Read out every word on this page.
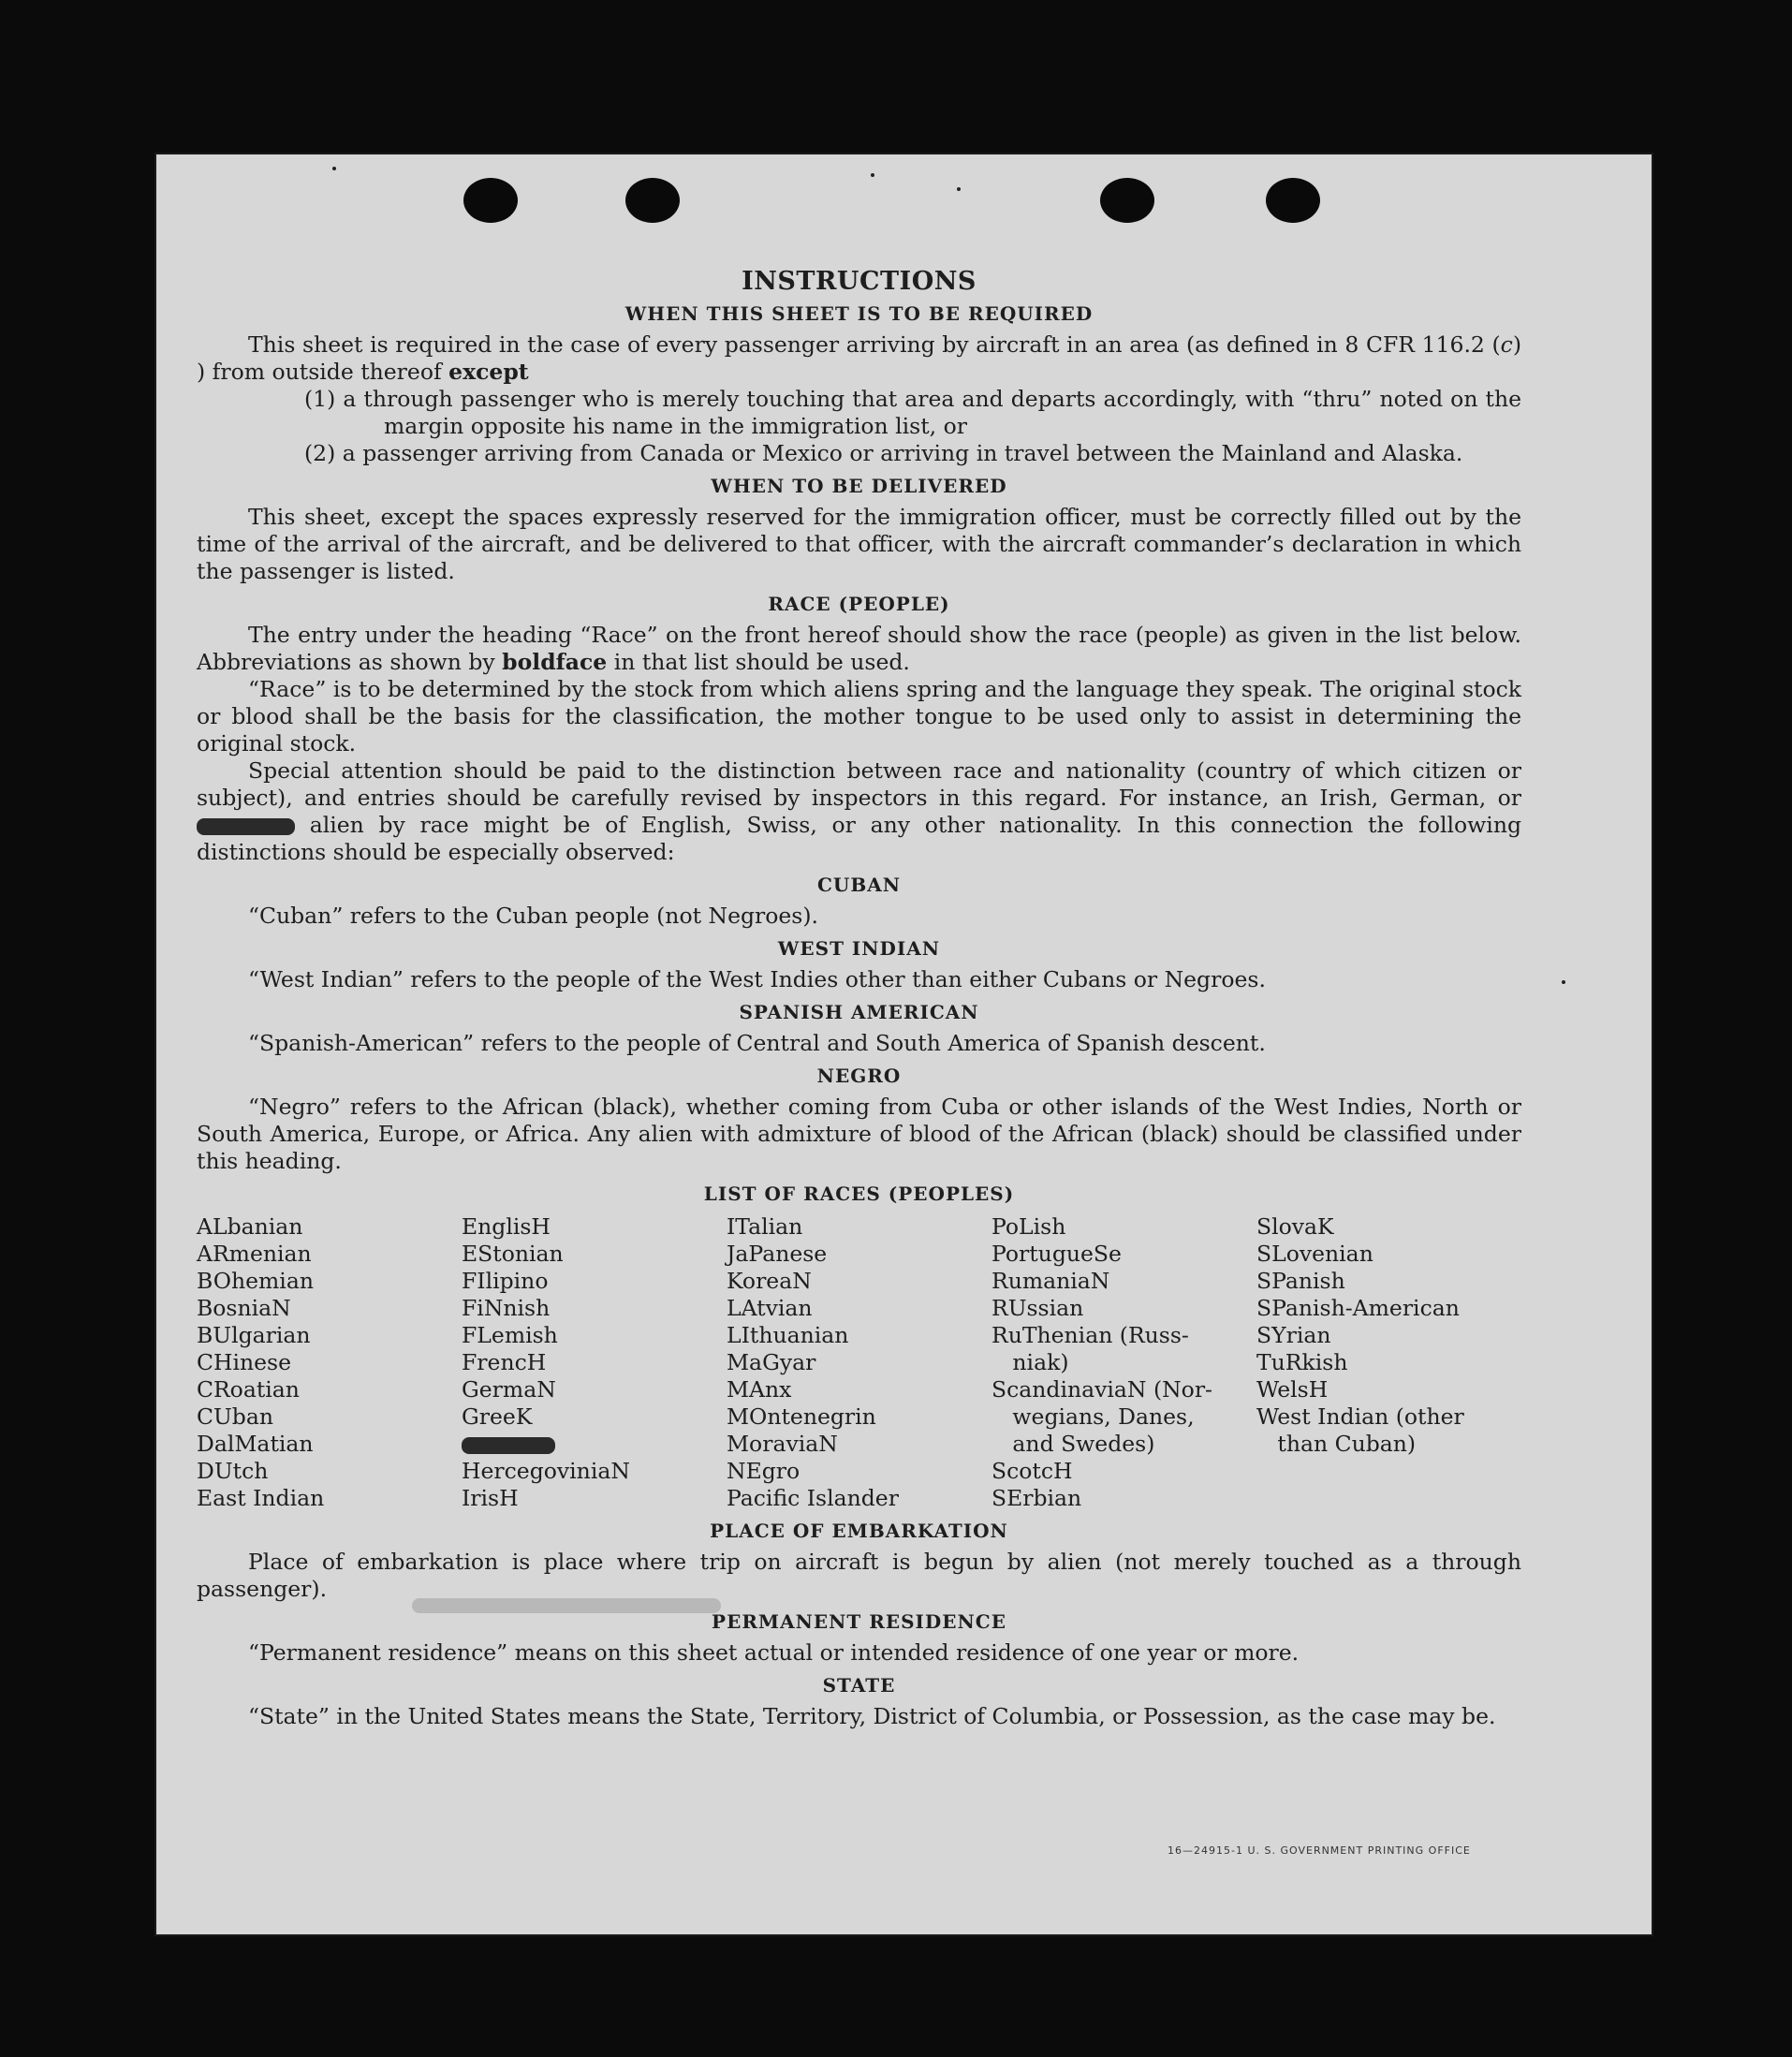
INSTRUCTIONS
WHEN THIS SHEET IS TO BE REQUIRED

This sheet is required in the case of every passenger arriving by aircraft in an area (as defined in 8 CFR 116.2 (c) ) from outside thereof except

(1) a through passenger who is merely touching that area and departs accordingly, with “thru” noted on the margin opposite his name in the immigration list, or

(2) a passenger arriving from Canada or Mexico or arriving in travel between the Mainland and Alaska.

WHEN TO BE DELIVERED

This sheet, except the spaces expressly reserved for the immigration officer, must be correctly filled out by the time of the arrival of the aircraft, and be delivered to that officer, with the aircraft commander’s declaration in which the passenger is listed.

RACE (PEOPLE)

The entry under the heading “Race” on the front hereof should show the race (people) as given in the list below. Abbreviations as shown by boldface in that list should be used.

“Race” is to be determined by the stock from which aliens spring and the language they speak. The original stock or blood shall be the basis for the classification, the mother tongue to be used only to assist in determining the original stock.

Special attention should be paid to the distinction between race and nationality (country of which citizen or subject), and entries should be carefully revised by inspectors in this regard. For instance, an Irish, German, or  alien by race might be of English, Swiss, or any other nationality. In this connection the following distinctions should be especially observed:

CUBAN

“Cuban” refers to the Cuban people (not Negroes).

WEST INDIAN

“West Indian” refers to the people of the West Indies other than either Cubans or Negroes.

SPANISH AMERICAN

“Spanish-American” refers to the people of Central and South America of Spanish descent.

NEGRO

“Negro” refers to the African (black), whether coming from Cuba or other islands of the West Indies, North or South America, Europe, or Africa. Any alien with admixture of blood of the African (black) should be classified under this heading.

LIST OF RACES (PEOPLES)
ALbanian
ARmenian
BOhemian
BosniaN
BUlgarian
CHinese
CRoatian
CUban
DalMatian
DUtch
East Indian
EnglisH
EStonian
FIlipino
FiNnish
FLemish
FrencH
GermaN
GreeK
HercegoviniaN
IrisH
ITalian
JaPanese
KoreaN
LAtvian
LIthuanian
MaGyar
MAnx
MOntenegrin
MoraviaN
NEgro
Pacific Islander
PoLish
PortugueSe
RumaniaN
RUssian
RuThenian (Russ-
niak)
ScandinaviaN (Nor-
wegians, Danes,
and Swedes)
ScotcH
SErbian
SlovaK
SLovenian
SPanish
SPanish-American
SYrian
TuRkish
WelsH
West Indian (other
than Cuban)
PLACE OF EMBARKATION

Place of embarkation is place where trip on aircraft is begun by alien (not merely touched as a through passenger).

PERMANENT RESIDENCE

“Permanent residence” means on this sheet actual or intended residence of one year or more.

STATE

“State” in the United States means the State, Territory, District of Columbia, or Possession, as the case may be.

16—24915-1 U. S. GOVERNMENT PRINTING OFFICE
